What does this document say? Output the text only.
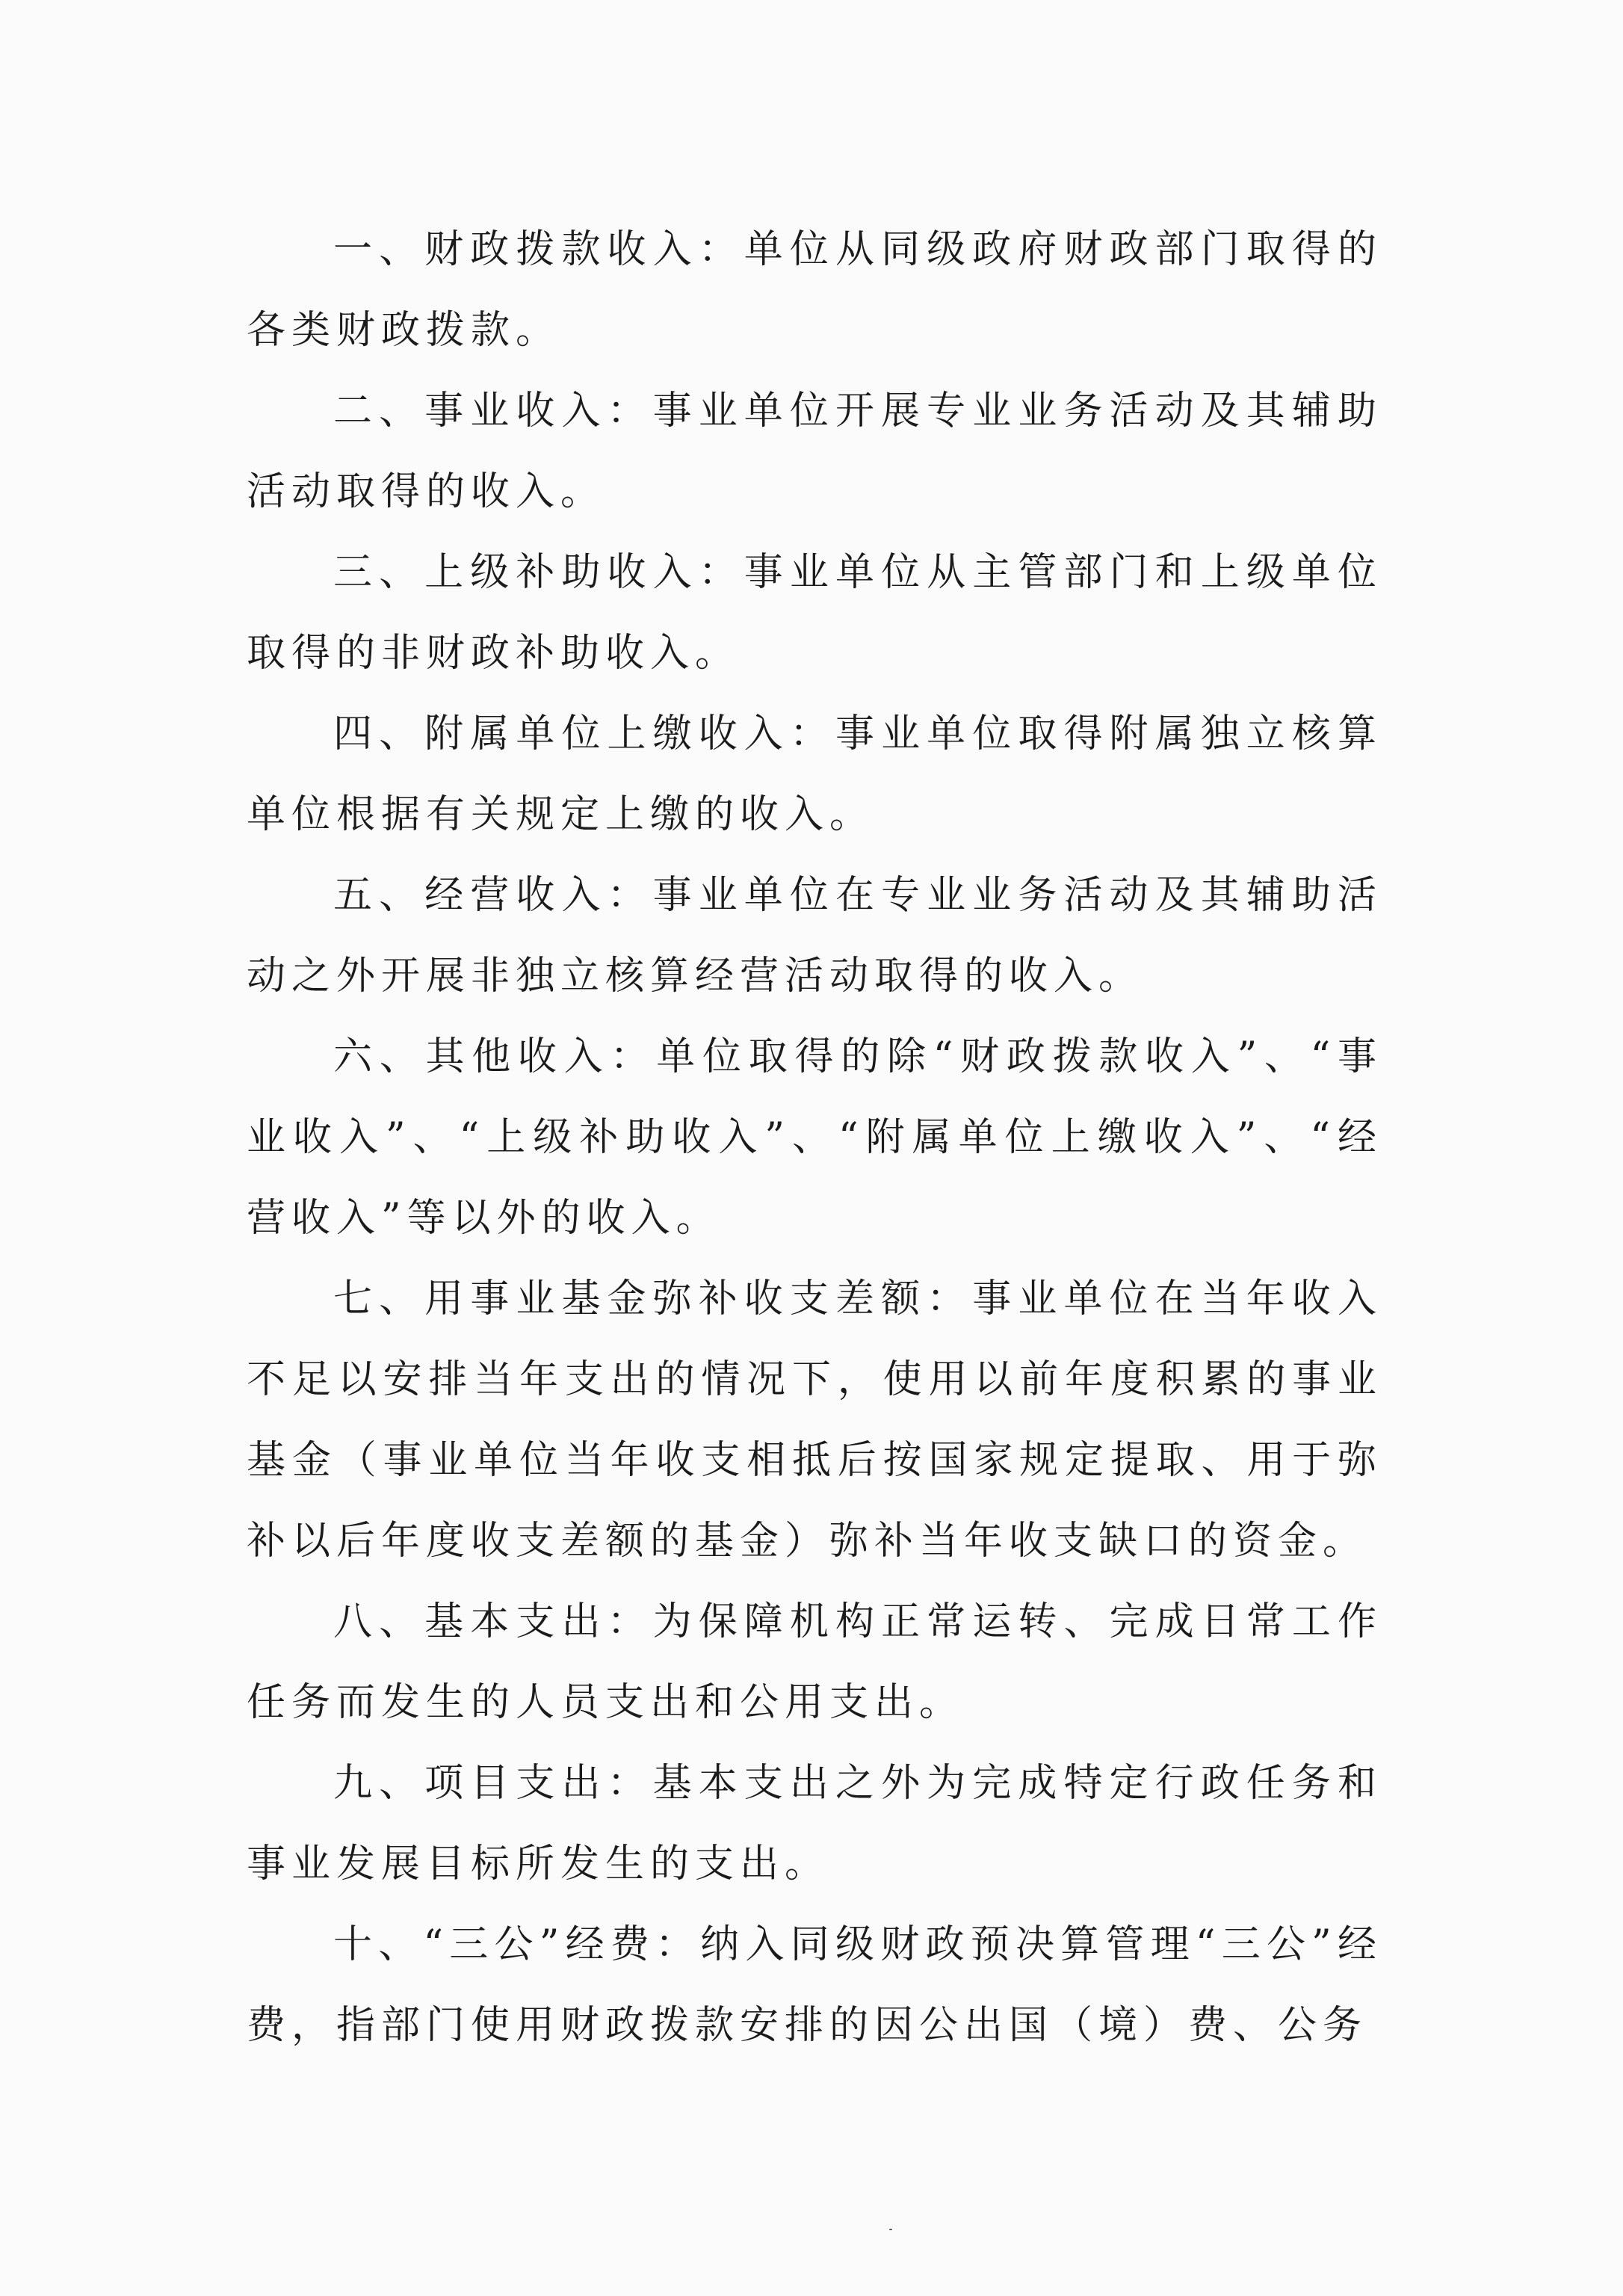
一、财政拨款收入：单位从同级政府财政部门取得的各类财政拨款。

二、事业收入：事业单位开展专业业务活动及其辅助活动取得的收入。

三、上级补助收入：事业单位从主管部门和上级单位取得的非财政补助收入。

四、附属单位上缴收入：事业单位取得附属独立核算单位根据有关规定上缴的收入。

五、经营收入：事业单位在专业业务活动及其辅助活动之外开展非独立核算经营活动取得的收入。

六、其他收入：单位取得的除“财政拨款收入”、“事业收入”、“上级补助收入”、“附属单位上缴收入”、“经营收入”等以外的收入。

七、用事业基金弥补收支差额：事业单位在当年收入不足以安排当年支出的情况下，使用以前年度积累的事业基金（事业单位当年收支相抵后按国家规定提取、用于弥补以后年度收支差额的基金）弥补当年收支缺口的资金。

八、基本支出：为保障机构正常运转、完成日常工作任务而发生的人员支出和公用支出。

九、项目支出：基本支出之外为完成特定行政任务和事业发展目标所发生的支出。

十、“三公”经费：纳入同级财政预决算管理“三公”经费，指部门使用财政拨款安排的因公出国（境）费、公务
